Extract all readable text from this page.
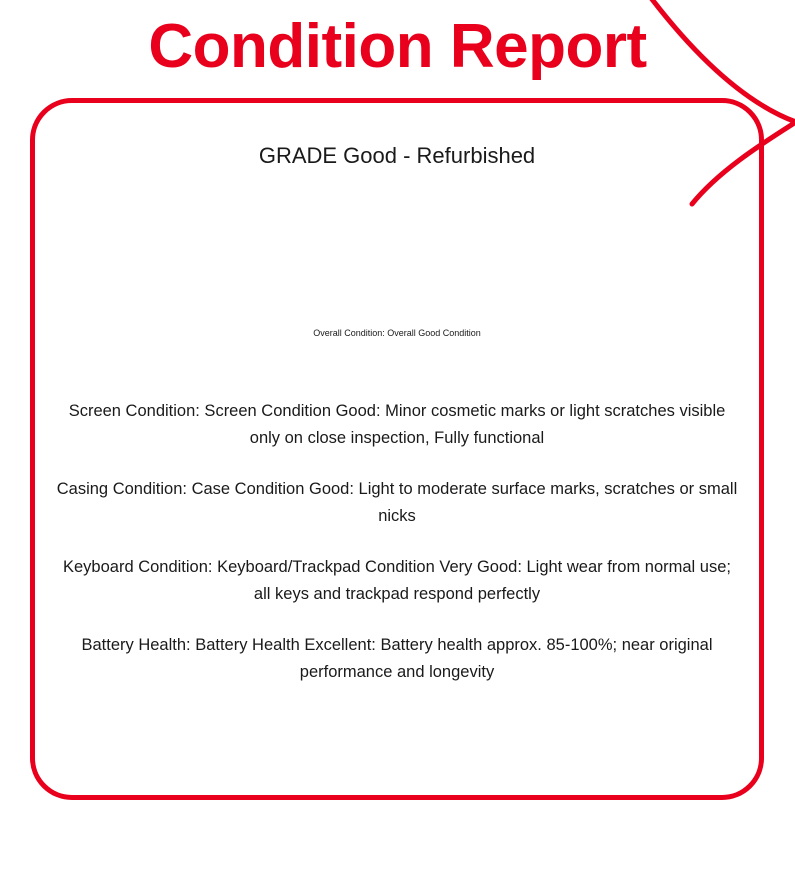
Condition Report
GRADE Good - Refurbished
Overall Condition: Overall Good Condition
Screen Condition: Screen Condition Good: Minor cosmetic marks or light scratches visible only on close inspection, Fully functional
Casing Condition: Case Condition Good: Light to moderate surface marks, scratches or small nicks
Keyboard Condition: Keyboard/Trackpad Condition Very Good: Light wear from normal use; all keys and trackpad respond perfectly
Battery Health: Battery Health Excellent: Battery health approx. 85-100%; near original performance and longevity
